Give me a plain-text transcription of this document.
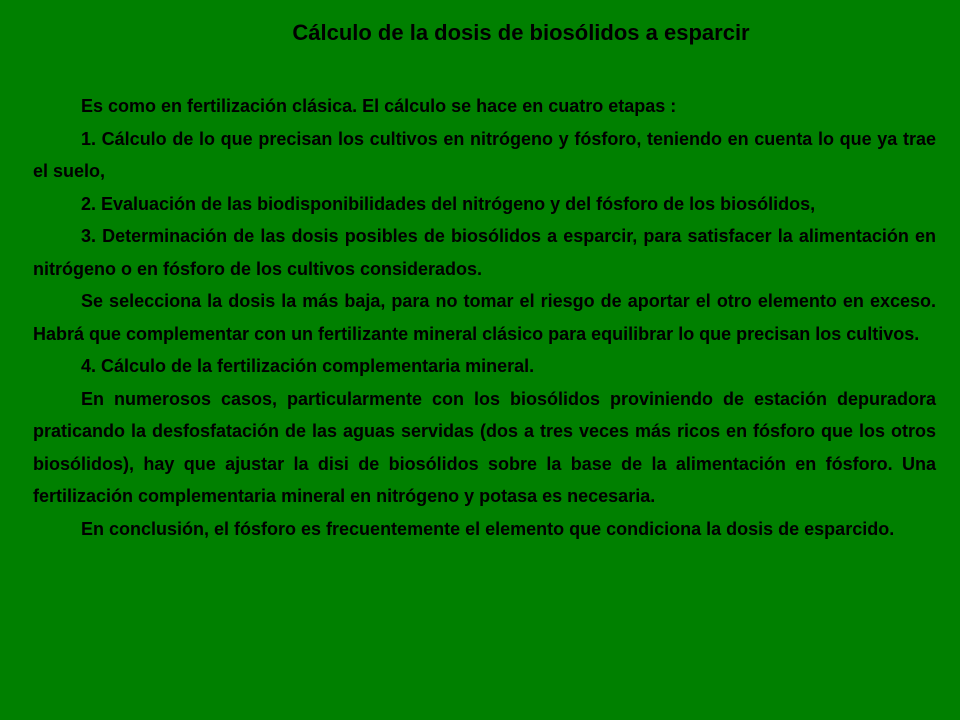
Cálculo de la dosis de biosólidos a esparcir

Es como en fertilización clásica. El cálculo se hace en cuatro etapas :

1. Cálculo de lo que precisan los cultivos en nitrógeno y fósforo, teniendo en cuenta lo que ya trae el suelo,

2. Evaluación de las biodisponibilidades del nitrógeno y del fósforo de los biosólidos,

3. Determinación de las dosis posibles de biosólidos a esparcir, para satisfacer la alimentación en nitrógeno o en fósforo de los cultivos considerados.

Se selecciona la dosis la más baja, para no tomar el riesgo de aportar el otro elemento en exceso. Habrá que complementar con un fertilizante mineral clásico para equilibrar lo que precisan los cultivos.

4. Cálculo de la fertilización complementaria mineral.

En numerosos casos, particularmente con los biosólidos proviniendo de estación depuradora praticando la desfosfatación de las aguas servidas (dos a tres veces más ricos en fósforo que los otros biosólidos), hay que ajustar la disi de biosólidos sobre la base de la alimentación en fósforo. Una fertilización complementaria mineral en nitrógeno y potasa es necesaria.

En conclusión, el fósforo es frecuentemente el elemento que condiciona la dosis de esparcido.
